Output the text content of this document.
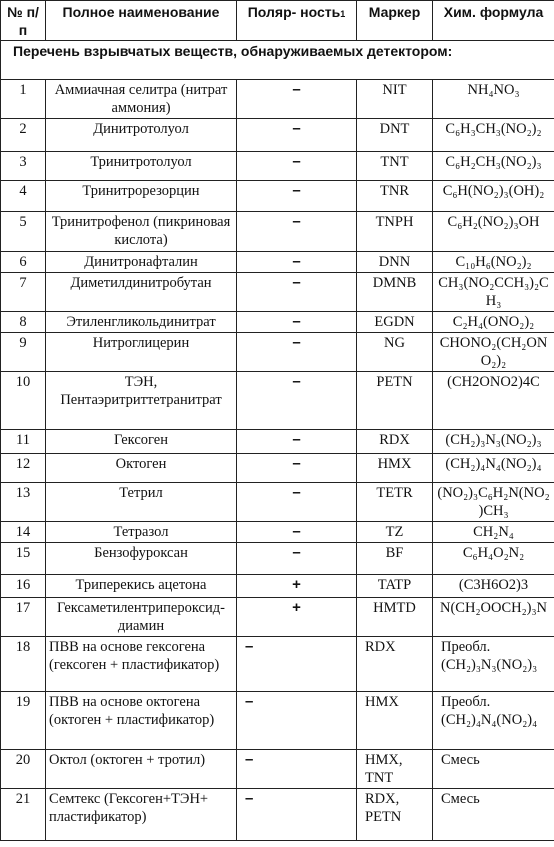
№ п/п	Полное наименование	Поляр- ность1	Маркер	Хим. формула
Перечень взрывчатых веществ, обнаруживаемых детектором:				
1	Аммиачная селитра (нитрат аммония)	–	NIT	NH₄NO₃
2	Динитротолуол	–	DNT	C₆H₃CH₃(NO₂)₂
3	Тринитротолуол	–	TNT	C₆H₂CH₃(NO₂)₃
4	Тринитрорезорцин	–	TNR	C₆H(NO₂)₃(OH)₂
5	Тринитрофенол (пикриновая кислота)	–	TNPH	C₆H₂(NO₂)₃OH
6	Динитронафталин	–	DNN	C₁₀H₆(NO₂)₂
7	Диметилдинитробутан	–	DMNB	CH₃(NO₂CCH₃)₂CH₃
8	Этиленгликольдинитрат	–	EGDN	C₂H₄(ONO₂)₂
9	Нитроглицерин	–	NG	CHONO₂(CH₂ONO₂)₂
10	ТЭН, Пентаэритриттетранитрат	–	PETN	(CH2ONO2)4C
11	Гексоген	–	RDX	(CH₂)₃N₃(NO₂)₃
12	Октоген	–	HMX	(CH₂)₄N₄(NO₂)₄
13	Тетрил	–	TETR	(NO₂)₃C₆H₂N(NO₂)CH₃
14	Тетразол	–	TZ	CH₂N₄
15	Бензофуроксан	–	BF	C₆H₄O₂N₂
16	Триперекись ацетона	+	TATP	(C3H6O2)3
17	Гексаметилентрипероксид- диамин	+	HMTD	N(CH₂OOCH₂)₃N
18	ПВВ на основе гексогена (гексоген + пластификатор)	–	RDX	Преобл. (CH₂)₃N₃(NO₂)₃
19	ПВВ на основе октогена (октоген + пластификатор)	–	HMX	Преобл. (CH₂)₄N₄(NO₂)₄
20	Октол (октоген + тротил)	–	HMX, TNT	Смесь
21	Семтекс (Гексоген+ТЭН+ пластификатор)	–	RDX, PETN	Смесь
